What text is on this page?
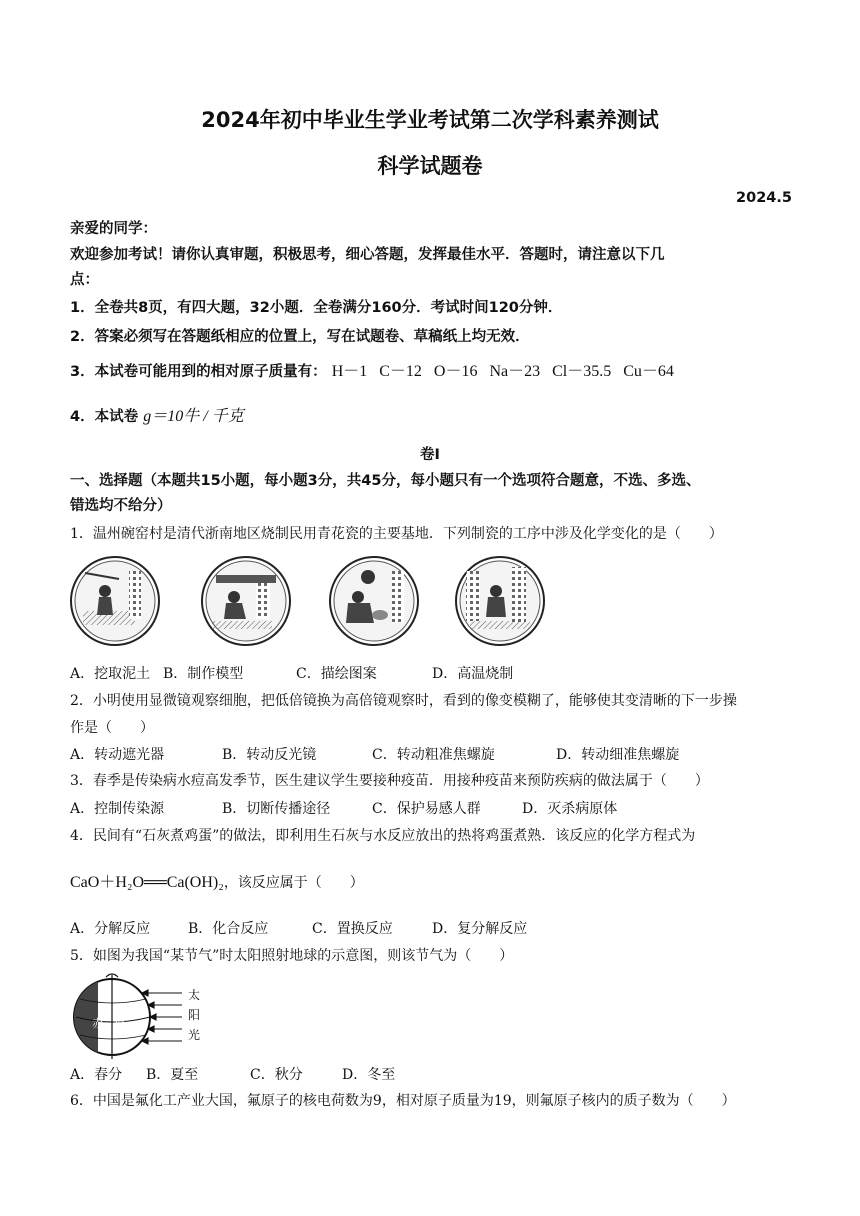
2024年初中毕业生学业考试第二次学科素养测试
科学试题卷
2024.5
亲爱的同学：
欢迎参加考试！请你认真审题，积极思考，细心答题，发挥最佳水平．答题时，请注意以下几
点：
1．全卷共8页，有四大题，32小题．全卷满分160分．考试时间120分钟．
2．答案必须写在答题纸相应的位置上，写在试题卷、草稿纸上均无效．
3．本试卷可能用到的相对原子质量有： H－1   C－12   O－16   Na－23   Cl－35.5   Cu－64
4．本试卷 g＝10牛 / 千克
卷I
一、选择题（本题共15小题，每小题3分，共45分，每小题只有一个选项符合题意，不选、多选、
错选均不给分）
1．温州碗窑村是清代浙南地区烧制民用青花瓷的主要基地．下列制瓷的工序中涉及化学变化的是（　　）
A．挖取泥土 B．制作模型	C．描绘图案	D．高温烧制
2．小明使用显微镜观察细胞，把低倍镜换为高倍镜观察时，看到的像变模糊了，能够使其变清晰的下一步操
作是（　　）
A．转动遮光器	B．转动反光镜	C．转动粗准焦螺旋	D．转动细准焦螺旋
3．春季是传染病水痘高发季节，医生建议学生要接种疫苗．用接种疫苗来预防疾病的做法属于（　　）
A．控制传染源	B．切断传播途径	C．保护易感人群	D．灭杀病原体
4．民间有“石灰煮鸡蛋”的做法，即利用生石灰与水反应放出的热将鸡蛋煮熟．该反应的化学方程式为
CaO＋H₂O══Ca(OH)₂，该反应属于（　　）
A．分解反应	B．化合反应	C．置换反应	D．复分解反应
5．如图为我国“某节气”时太阳照射地球的示意图，则该节气为（　　）
赤　道
太
阳
光
A．春分 B．夏至	C．秋分	D．冬至
6．中国是氟化工产业大国，氟原子的核电荷数为9，相对原子质量为19，则氟原子核内的质子数为（　　）
